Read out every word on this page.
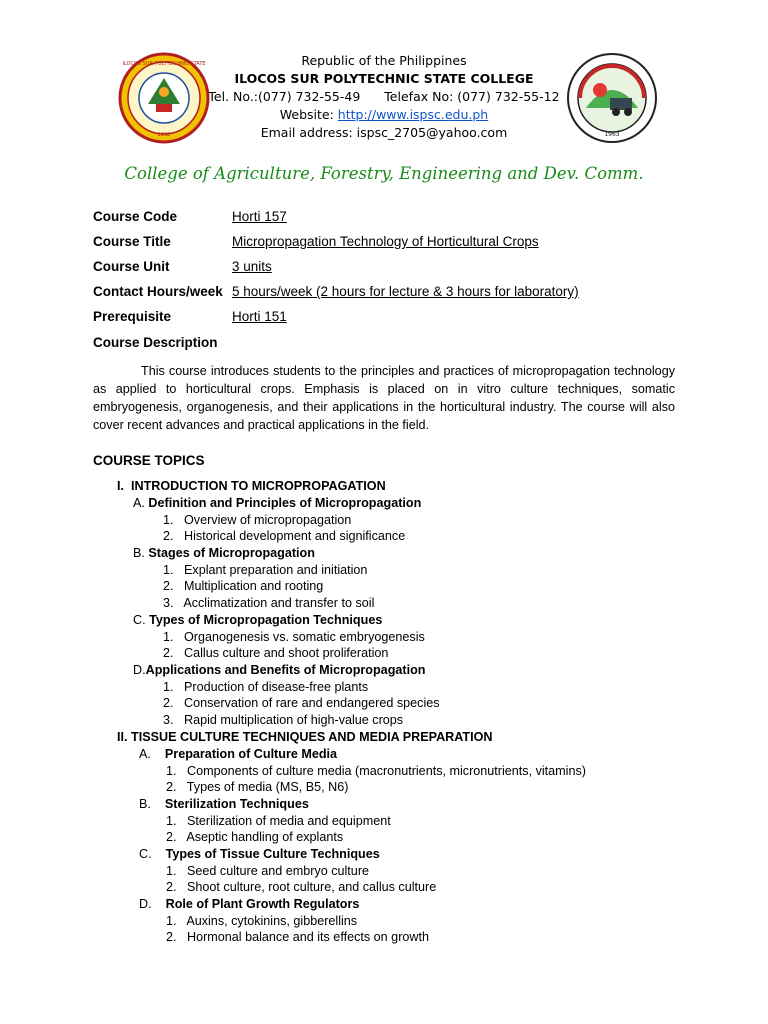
ILOCOS SUR POLYTECHNIC STATE
1998	1963
Republic of the Philippines
ILOCOS SUR POLYTECHNIC STATE COLLEGE
Tel. No.:(077) 732-55-49 Telefax No: (077) 732-55-12
Website: http://www.ispsc.edu.ph
Email address: ispsc_2705@yahoo.com
College of Agriculture, Forestry, Engineering and Dev. Comm.
Course Code	Horti 157
Course Title	Micropropagation Technology of Horticultural Crops
Course Unit	3 units
Contact Hours/week 5 hours/week (2 hours for lecture & 3 hours for laboratory)
Prerequisite	Horti 151
Course Description
This course introduces students to the principles and practices of micropropagation technology as applied to horticultural crops. Emphasis is placed on in vitro culture techniques, somatic embryogenesis, organogenesis, and their applications in the horticultural industry. The course will also cover recent advances and practical applications in the field.
COURSE TOPICS
I. INTRODUCTION TO MICROPROPAGATION
A. Definition and Principles of Micropropagation
1.   Overview of micropropagation
2.   Historical development and significance
B. Stages of Micropropagation
1.   Explant preparation and initiation
2.   Multiplication and rooting
3.   Acclimatization and transfer to soil
C. Types of Micropropagation Techniques
1.   Organogenesis vs. somatic embryogenesis
2.   Callus culture and shoot proliferation
D.Applications and Benefits of Micropropagation
1.   Production of disease-free plants
2.   Conservation of rare and endangered species
3.   Rapid multiplication of high-value crops
II. TISSUE CULTURE TECHNIQUES AND MEDIA PREPARATION
A. Preparation of Culture Media
1.   Components of culture media (macronutrients, micronutrients, vitamins)
2.   Types of media (MS, B5, N6)
B. Sterilization Techniques
1.   Sterilization of media and equipment
2.   Aseptic handling of explants
C. Types of Tissue Culture Techniques
1.   Seed culture and embryo culture
2.   Shoot culture, root culture, and callus culture
D. Role of Plant Growth Regulators
1.   Auxins, cytokinins, gibberellins
2.   Hormonal balance and its effects on growth
